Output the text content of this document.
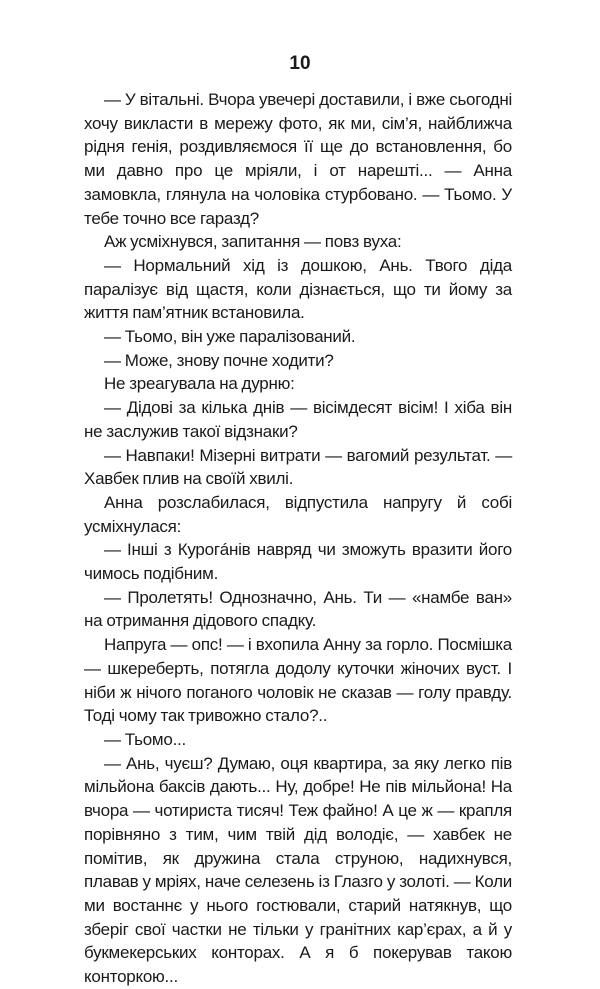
10

— У вітальні. Вчора увечері доставили, і вже сьогодні хочу викласти в мережу фото, як ми, сім’я, найближча рідня генія, роздивляємося її ще до встановлення, бо ми давно про це мріяли, і от нарешті... — Анна замовкла, глянула на чоловіка стурбовано. — Тьомо. У тебе точно все гаразд?

Аж усміхнувся, запитання — повз вуха:

— Нормальний хід із дошкою, Ань. Твого діда паралізує від щастя, коли дізнається, що ти йому за життя пам’ятник встановила.

— Тьомо, він уже паралізований.

— Може, знову почне ходити?

Не зреагувала на дурню:

— Дідові за кілька днів — вісімдесят вісім! І хіба він не заслужив такої відзнаки?

— Навпаки! Мізерні витрати — вагомий результат. — Хавбек плив на своїй хвилі.

Анна розслабилася, відпустила напругу й собі усміхнулася:

— Інші з Курогáнів навряд чи зможуть вразити його чимось подібним.

— Пролетять! Однозначно, Ань. Ти — «намбе ван» на отримання дідового спадку.

Напруга — опс! — і вхопила Анну за горло. Посмішка — шкереберть, потягла додолу куточки жіночих вуст. І ніби ж нічого поганого чоловік не сказав — голу правду. Тоді чому так тривожно стало?..

— Тьомо...

— Ань, чуєш? Думаю, оця квартира, за яку легко пів мільйона баксів дають... Ну, добре! Не пів мільйона! На вчора — чотириста тисяч! Теж файно! А це ж — крапля порівняно з тим, чим твій дід володіє, — хавбек не помітив, як дружина стала струною, надихнувся, плавав у мріях, наче селезень із Глазго у золоті. — Коли ми востаннє у нього гостювали, старий натякнув, що зберіг свої частки не тільки у гранітних кар’єрах, а й у букмекерських конторах. А я б покерував такою конторкою...
